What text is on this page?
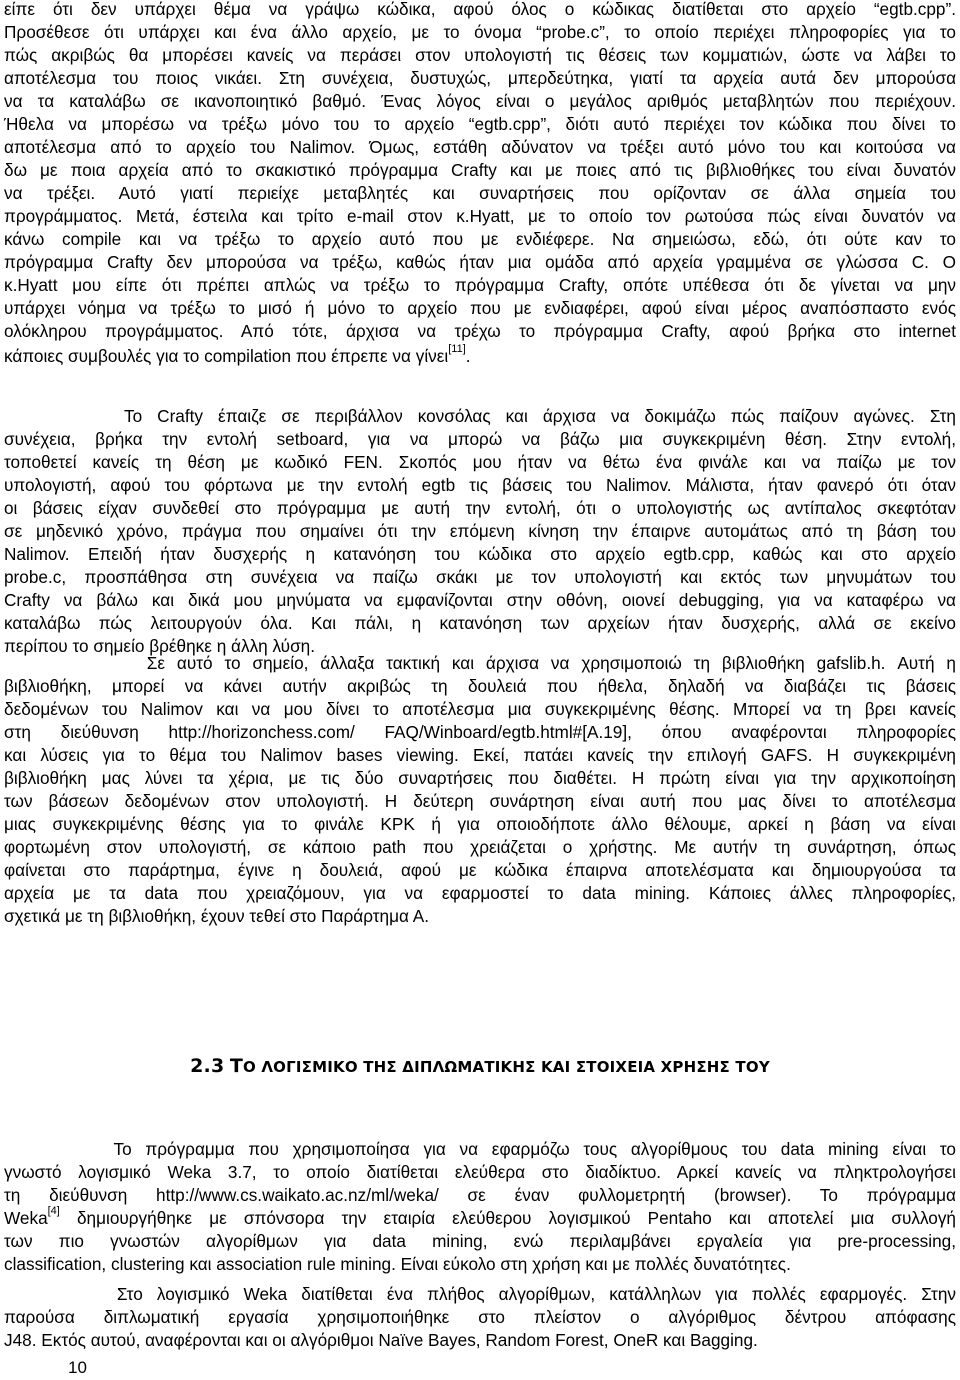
είπε ότι δεν υπάρχει θέμα να γράψω κώδικα, αφού όλος ο κώδικας διατίθεται στο αρχείο “egtb.cpp”.
Προσέθεσε ότι υπάρχει και ένα άλλο αρχείο, με το όνομα “probe.c”, το οποίο περιέχει πληροφορίες για το
πώς ακριβώς θα μπορέσει κανείς να περάσει στον υπολογιστή τις θέσεις των κομματιών, ώστε να λάβει το
αποτέλεσμα του ποιος νικάει. Στη συνέχεια, δυστυχώς, μπερδεύτηκα, γιατί τα αρχεία αυτά δεν μπορούσα
να τα καταλάβω σε ικανοποιητικό βαθμό. Ένας λόγος είναι ο μεγάλος αριθμός μεταβλητών που περιέχουν.
Ήθελα να μπορέσω να τρέξω μόνο του το αρχείο “egtb.cpp”, διότι αυτό περιέχει τον κώδικα που δίνει το
αποτέλεσμα από το αρχείο του Nalimov. Όμως, εστάθη αδύνατον να τρέξει αυτό μόνο του και κοιτούσα να
δω με ποια αρχεία από το σκακιστικό πρόγραμμα Crafty και με ποιες από τις βιβλιοθήκες του είναι δυνατόν
να τρέξει. Αυτό γιατί περιείχε μεταβλητές και συναρτήσεις που ορίζονταν σε άλλα σημεία του
προγράμματος. Μετά, έστειλα και τρίτο e-mail στον κ.Hyatt, με το οποίο τον ρωτούσα πώς είναι δυνατόν να
κάνω compile και να τρέξω το αρχείο αυτό που με ενδιέφερε. Να σημειώσω, εδώ, ότι ούτε καν το
πρόγραμμα Crafty δεν μπορούσα να τρέξω, καθώς ήταν μια ομάδα από αρχεία γραμμένα σε γλώσσα C. Ο
κ.Hyatt μου είπε ότι πρέπει απλώς να τρέξω το πρόγραμμα Crafty, οπότε υπέθεσα ότι δε γίνεται να μην
υπάρχει νόημα να τρέξω το μισό ή μόνο το αρχείο που με ενδιαφέρει, αφού είναι μέρος αναπόσπαστο ενός
ολόκληρου προγράμματος. Από τότε, άρχισα να τρέχω το πρόγραμμα Crafty, αφού βρήκα στο internet
κάποιες συμβουλές για το compilation που έπρεπε να γίνει[11].
Το Crafty έπαιζε σε περιβάλλον κονσόλας και άρχισα να δοκιμάζω πώς παίζουν αγώνες. Στη
συνέχεια, βρήκα την εντολή setboard, για να μπορώ να βάζω μια συγκεκριμένη θέση. Στην εντολή,
τοποθετεί κανείς τη θέση με κωδικό FEN. Σκοπός μου ήταν να θέτω ένα φινάλε και να παίζω με τον
υπολογιστή, αφού του φόρτωνα με την εντολή egtb τις βάσεις του Nalimov. Μάλιστα, ήταν φανερό ότι όταν
οι βάσεις είχαν συνδεθεί στο πρόγραμμα με αυτή την εντολή, ότι ο υπολογιστής ως αντίπαλος σκεφτόταν
σε μηδενικό χρόνο, πράγμα που σημαίνει ότι την επόμενη κίνηση την έπαιρνε αυτομάτως από τη βάση του
Nalimov. Επειδή ήταν δυσχερής η κατανόηση του κώδικα στο αρχείο egtb.cpp, καθώς και στο αρχείο
probe.c, προσπάθησα στη συνέχεια να παίζω σκάκι με τον υπολογιστή και εκτός των μηνυμάτων του
Crafty να βάλω και δικά μου μηνύματα να εμφανίζονται στην οθόνη, οιονεί debugging, για να καταφέρω να
καταλάβω πώς λειτουργούν όλα. Και πάλι, η κατανόηση των αρχείων ήταν δυσχερής, αλλά σε εκείνο
περίπου το σημείο βρέθηκε η άλλη λύση.
Σε αυτό το σημείο, άλλαξα τακτική και άρχισα να χρησιμοποιώ τη βιβλιοθήκη gafslib.h. Αυτή η
βιβλιοθήκη, μπορεί να κάνει αυτήν ακριβώς τη δουλειά που ήθελα, δηλαδή να διαβάζει τις βάσεις
δεδομένων του Nalimov και να μου δίνει το αποτέλεσμα μια συγκεκριμένης θέσης. Μπορεί να τη βρει κανείς
στη διεύθυνση http://horizonchess.com/ FAQ/Winboard/egtb.html#[A.19], όπου αναφέρονται πληροφορίες
και λύσεις για το θέμα του Nalimov bases viewing. Εκεί, πατάει κανείς την επιλογή GAFS. Η συγκεκριμένη
βιβλιοθήκη μας λύνει τα χέρια, με τις δύο συναρτήσεις που διαθέτει. Η πρώτη είναι για την αρχικοποίηση
των βάσεων δεδομένων στον υπολογιστή. Η δεύτερη συνάρτηση είναι αυτή που μας δίνει το αποτέλεσμα
μιας συγκεκριμένης θέσης για το φινάλε KPK ή για οποιοδήποτε άλλο θέλουμε, αρκεί η βάση να είναι
φορτωμένη στον υπολογιστή, σε κάποιο path που χρειάζεται ο χρήστης. Με αυτήν τη συνάρτηση, όπως
φαίνεται στο παράρτημα, έγινε η δουλειά, αφού με κώδικα έπαιρνα αποτελέσματα και δημιουργούσα τα
αρχεία με τα data που χρειαζόμουν, για να εφαρμοστεί το data mining. Κάποιες άλλες πληροφορίες,
σχετικά με τη βιβλιοθήκη, έχουν τεθεί στο Παράρτημα Α.
2.3 ΤΟ ΛΟΓΙΣΜΙΚΟ ΤΗΣ ΔΙΠΛΩΜΑΤΙΚΗΣ ΚΑΙ ΣΤΟΙΧΕΙΑ ΧΡΗΣΗΣ ΤΟΥ
Το πρόγραμμα που χρησιμοποίησα για να εφαρμόζω τους αλγορίθμους του data mining είναι το
γνωστό λογισμικό Weka 3.7, το οποίο διατίθεται ελεύθερα στο διαδίκτυο. Αρκεί κανείς να πληκτρολογήσει
τη διεύθυνση http://www.cs.waikato.ac.nz/ml/weka/ σε έναν φυλλομετρητή (browser). Το πρόγραμμα
Weka[4] δημιουργήθηκε με σπόνσορα την εταιρία ελεύθερου λογισμικού Pentaho και αποτελεί μια συλλογή
των πιο γνωστών αλγορίθμων για data mining, ενώ περιλαμβάνει εργαλεία για pre-processing,
classification, clustering και association rule mining. Είναι εύκολο στη χρήση και με πολλές δυνατότητες.
Στο λογισμικό Weka διατίθεται ένα πλήθος αλγορίθμων, κατάλληλων για πολλές εφαρμογές. Στην
παρούσα διπλωματική εργασία χρησιμοποιήθηκε στο πλείστον ο αλγόριθμος δέντρου απόφασης
J48. Εκτός αυτού, αναφέρονται και οι αλγόριθμοι Naïve Bayes, Random Forest, OneR και Bagging.
10
